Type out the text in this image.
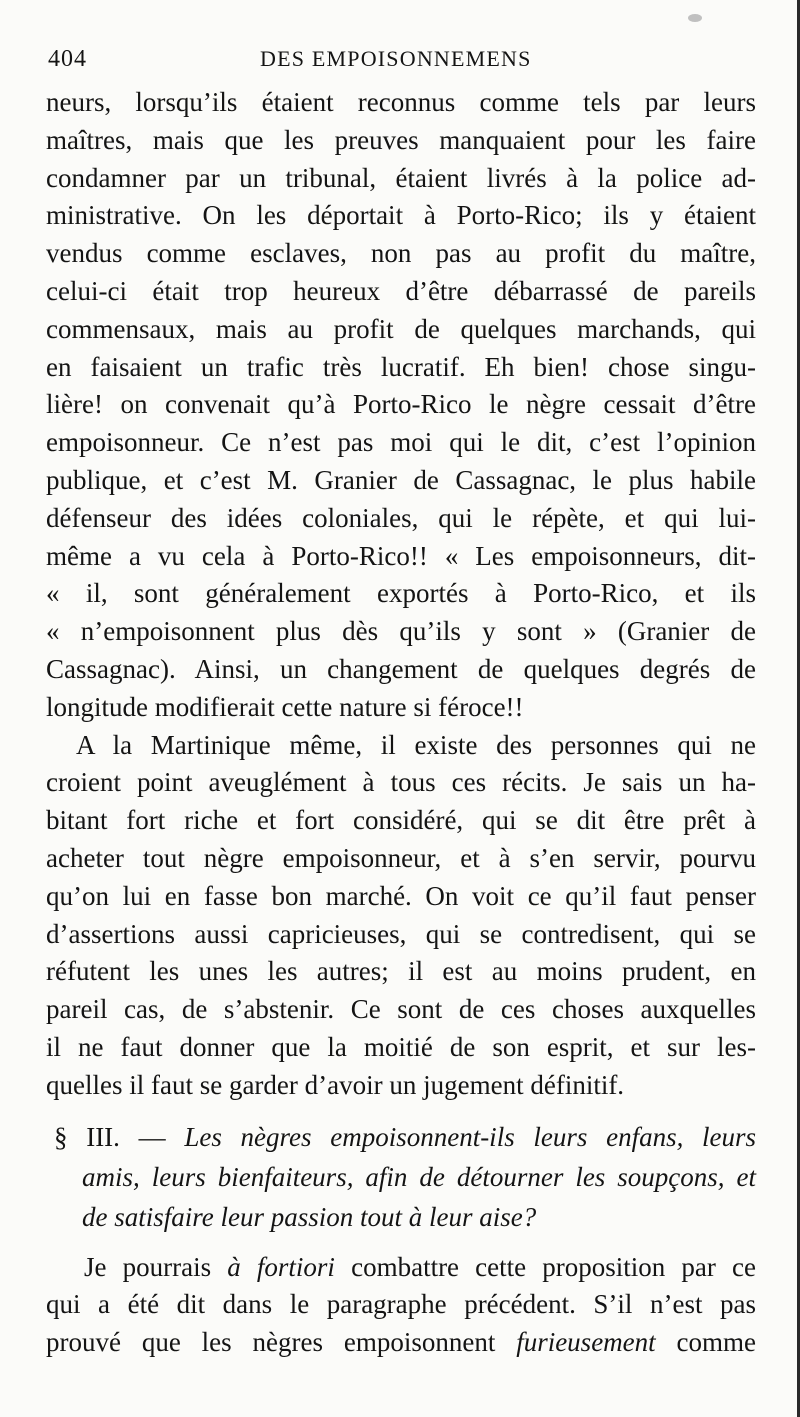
404	DES EMPOISONNEMENS
neurs, lorsqu’ils étaient reconnus comme tels par leurs
maîtres, mais que les preuves manquaient pour les faire
condamner par un tribunal, étaient livrés à la police ad-
ministrative. On les déportait à Porto-Rico; ils y étaient
vendus comme esclaves, non pas au profit du maître,
celui-ci était trop heureux d’être débarrassé de pareils
commensaux, mais au profit de quelques marchands, qui
en faisaient un trafic très lucratif. Eh bien! chose singu-
lière! on convenait qu’à Porto-Rico le nègre cessait d’être
empoisonneur. Ce n’est pas moi qui le dit, c’est l’opinion
publique, et c’est M. Granier de Cassagnac, le plus habile
défenseur des idées coloniales, qui le répète, et qui lui-
même a vu cela à Porto-Rico!! « Les empoisonneurs, dit-
« il, sont généralement exportés à Porto-Rico, et ils
« n’empoisonnent plus dès qu’ils y sont » (Granier de
Cassagnac). Ainsi, un changement de quelques degrés de
longitude modifierait cette nature si féroce!!
A la Martinique même, il existe des personnes qui ne
croient point aveuglément à tous ces récits. Je sais un ha-
bitant fort riche et fort considéré, qui se dit être prêt à
acheter tout nègre empoisonneur, et à s’en servir, pourvu
qu’on lui en fasse bon marché. On voit ce qu’il faut penser
d’assertions aussi capricieuses, qui se contredisent, qui se
réfutent les unes les autres; il est au moins prudent, en
pareil cas, de s’abstenir. Ce sont de ces choses auxquelles
il ne faut donner que la moitié de son esprit, et sur les-
quelles il faut se garder d’avoir un jugement définitif.
§ III. — Les nègres empoisonnent-ils leurs enfans, leurs
amis, leurs bienfaiteurs, afin de détourner les soupçons, et
de satisfaire leur passion tout à leur aise?
Je pourrais à fortiori combattre cette proposition par ce
qui a été dit dans le paragraphe précédent. S’il n’est pas
prouvé que les nègres empoisonnent furieusement comme
